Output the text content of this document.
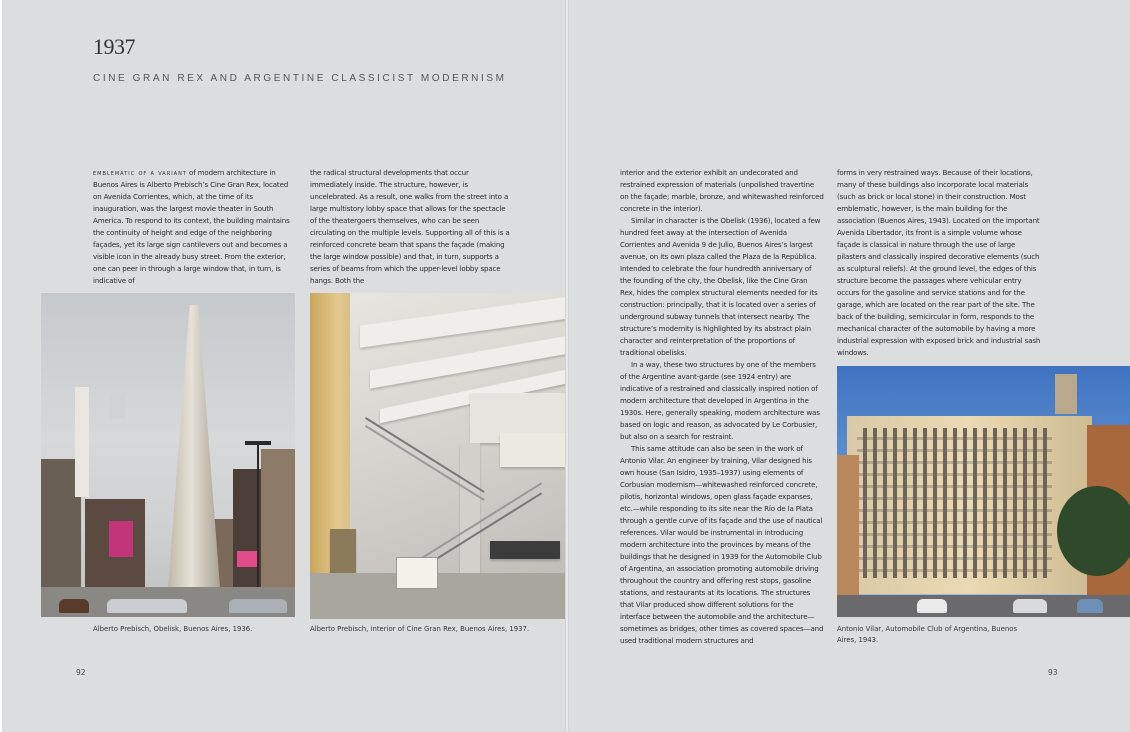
1937
CINE GRAN REX AND ARGENTINE CLASSICIST MODERNISM

emblematic of a variant of modern architecture in Buenos Aires is Alberto Prebisch’s Cine Gran Rex, located on Avenida Corrientes, which, at the time of its inauguration, was the largest movie theater in South America. To respond to its context, the building maintains the continuity of height and edge of the neighboring façades, yet its large sign cantilevers out and becomes a visible icon in the already busy street. From the exterior, one can peer in through a large window that, in turn, is indicative of

the radical structural developments that occur immediately inside. The structure, however, is uncelebrated. As a result, one walks from the street into a large multistory lobby space that allows for the spectacle of the theatergoers themselves, who can be seen circulating on the multiple levels. Supporting all of this is a reinforced concrete beam that spans the façade (making the large window possible) and that, in turn, supports a series of beams from which the upper-level lobby space hangs. Both the

Alberto Prebisch, Obelisk, Buenos Aires, 1936.	Alberto Prebisch, interior of Cine Gran Rex, Buenos Aires, 1937.
92

interior and the exterior exhibit an undecorated and restrained expression of materials (unpolished travertine on the façade; marble, bronze, and whitewashed reinforced concrete in the interior).

Similar in character is the Obelisk (1936), located a few hundred feet away at the intersection of Avenida Corrientes and Avenida 9 de Julio, Buenos Aires’s largest avenue, on its own plaza called the Plaza de la República. Intended to celebrate the four hundredth anniversary of the founding of the city, the Obelisk, like the Cine Gran Rex, hides the complex structural elements needed for its construction: principally, that it is located over a series of underground subway tunnels that intersect nearby. The structure’s modernity is highlighted by its abstract plain character and reinterpretation of the proportions of traditional obelisks.

In a way, these two structures by one of the members of the Argentine avant-garde (see 1924 entry) are indicative of a restrained and classically inspired notion of modern architecture that developed in Argentina in the 1930s. Here, generally speaking, modern architecture was based on logic and reason, as advocated by Le Corbusier, but also on a search for restraint.

This same attitude can also be seen in the work of Antonio Vilar. An engineer by training, Vilar designed his own house (San Isidro, 1935–1937) using elements of Corbusian modernism—whitewashed reinforced concrete, pilotis, horizontal windows, open glass façade expanses, etc.—while responding to its site near the Río de la Plata through a gentle curve of its façade and the use of nautical references. Vilar would be instrumental in introducing modern architecture into the provinces by means of the buildings that he designed in 1939 for the Automobile Club of Argentina, an association promoting automobile driving throughout the country and offering rest stops, gasoline stations, and restaurants at its locations. The structures that Vilar produced show different solutions for the interface between the automobile and the architecture—sometimes as bridges, other times as covered spaces—and used traditional modern structures and

forms in very restrained ways. Because of their locations, many of these buildings also incorporate local materials (such as brick or local stone) in their construction. Most emblematic, however, is the main building for the association (Buenos Aires, 1943). Located on the important Avenida Libertador, its front is a simple volume whose façade is classical in nature through the use of large pilasters and classically inspired decorative elements (such as sculptural reliefs). At the ground level, the edges of this structure become the passages where vehicular entry occurs for the gasoline and service stations and for the garage, which are located on the rear part of the site. The back of the building, semicircular in form, responds to the mechanical character of the automobile by having a more industrial expression with exposed brick and industrial sash windows.

Antonio Vilar, Automobile Club of Argentina, Buenos Aires, 1943.
93
